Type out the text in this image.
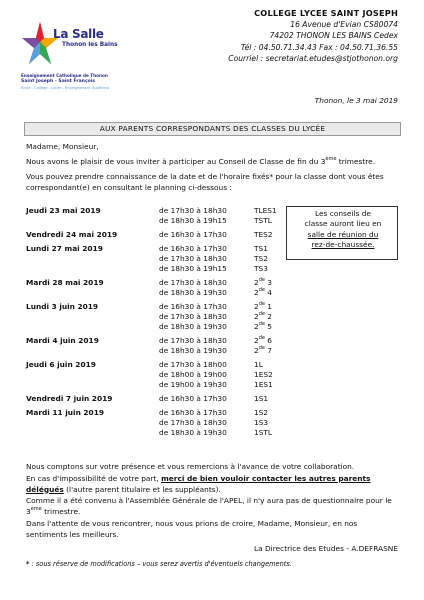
La Salle
Thonon les Bains
Enseignement Catholique de Thonon
Saint Joseph - Saint François
École - Collège - Lycée - Enseignement Supérieur
COLLEGE LYCEE SAINT JOSEPH
16 Avenue d'Evian CS80074
74202 THONON LES BAINS Cedex
Tél : 04.50.71.34.43 Fax : 04.50.71.36.55
Courriel : secretariat.etudes@stjothonon.org
Thonon, le 3 mai 2019
AUX PARENTS CORRESPONDANTS DES CLASSES DU LYCÉE
Madame, Monsieur,
Nous avons le plaisir de vous inviter à participer au Conseil de Classe de fin du 3ème trimestre.
Vous pouvez prendre connaissance de la date et de l'horaire fixés* pour la classe dont vous êtes correspondant(e) en consultant le planning ci-dessous :
Jeudi 23 mai 2019	de 17h30 à 18h30	TLES1
de 18h30 à 19h15	TSTL
Vendredi 24 mai 2019	de 16h30 à 17h30	TES2
Lundi 27 mai 2019	de 16h30 à 17h30	TS1
de 17h30 à 18h30	TS2
de 18h30 à 19h15	TS3
Mardi 28 mai 2019	de 17h30 à 18h30	2de 3
de 18h30 à 19h30	2de 4
Lundi 3 juin 2019	de 16h30 à 17h30	2de 1
de 17h30 à 18h30	2de 2
de 18h30 à 19h30	2de 5
Mardi 4 juin 2019	de 17h30 à 18h30	2de 6
de 18h30 à 19h30	2de 7
Jeudi 6 juin 2019	de 17h30 à 18h00	1L
de 18h00 à 19h00	1ES2
de 19h00 à 19h30	1ES1
Vendredi 7 juin 2019	de 16h30 à 17h30	1S1
Mardi 11 juin 2019	de 16h30 à 17h30	1S2
de 17h30 à 18h30	1S3
de 18h30 à 19h30	1STL
Les conseils de
classe auront lieu en
salle de réunion du
rez-de-chaussée.
Nous comptons sur votre présence et vous remercions à l'avance de votre collaboration.
En cas d'impossibilité de votre part, merci de bien vouloir contacter les autres parents délégués (l'autre parent titulaire et les suppléants).
Comme il a été convenu à l'Assemblée Générale de l'APEL, il n'y aura pas de questionnaire pour le 3ème trimestre.
Dans l'attente de vous rencontrer, nous vous prions de croire, Madame, Monsieur, en nos sentiments les meilleurs.
La Directrice des Etudes - A.DEFRASNE
* : sous réserve de modifications – vous serez avertis d'éventuels changements.
